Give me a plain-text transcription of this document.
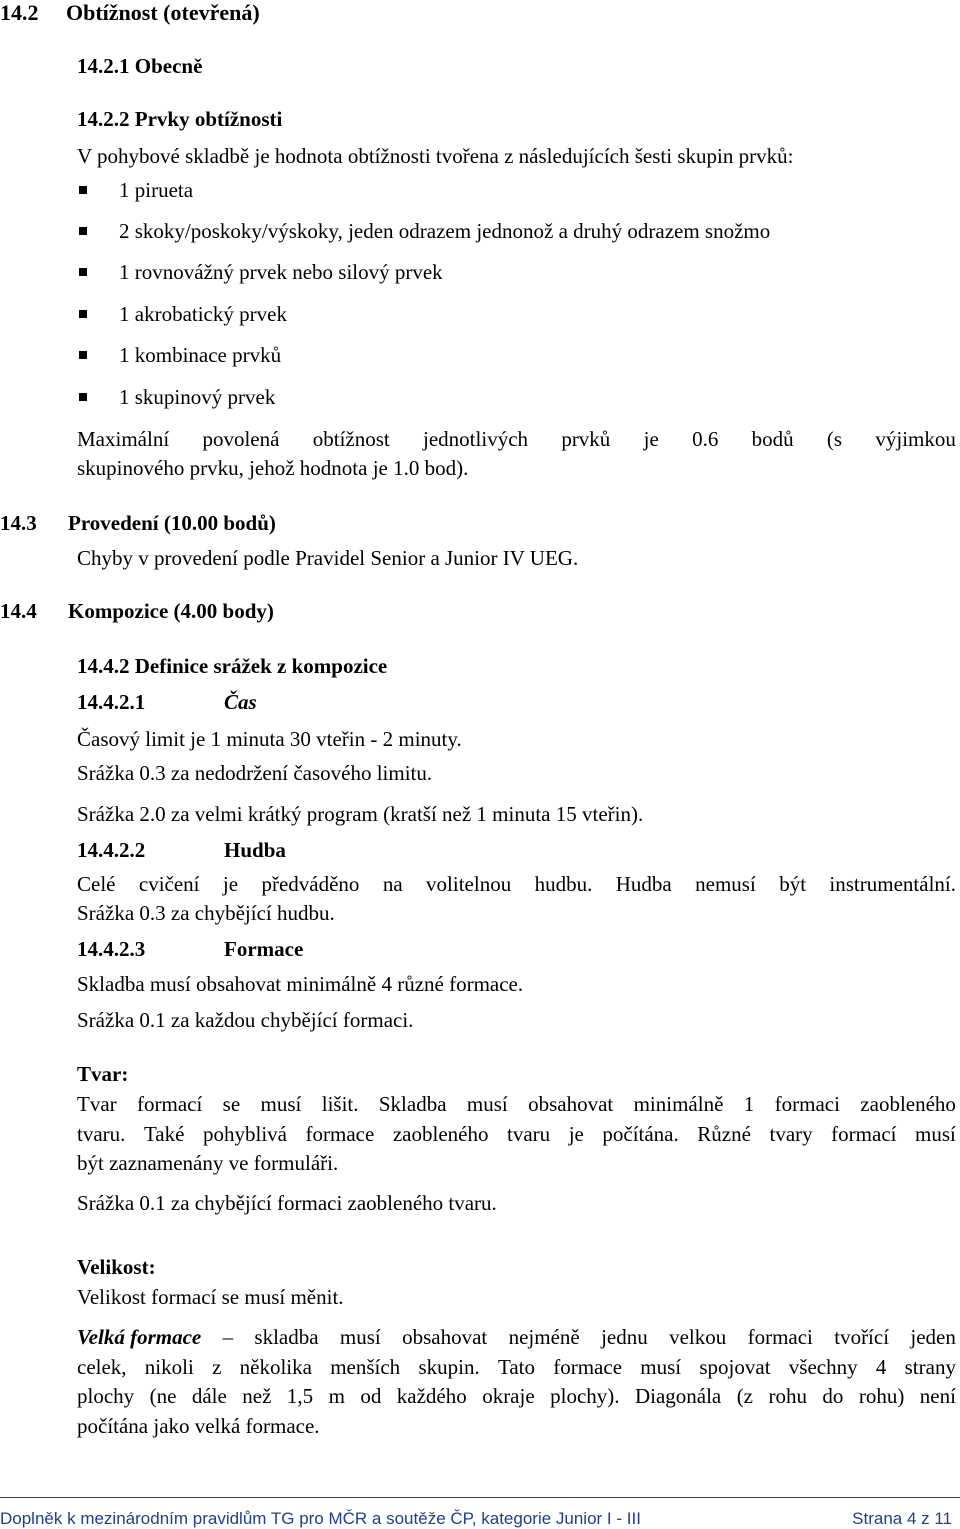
14.2 Obtížnost (otevřená)
14.2.1 Obecně
14.2.2 Prvky obtížnosti
V pohybové skladbě je hodnota obtížnosti tvořena z následujících šesti skupin prvků:
1 pirueta
2 skoky/poskoky/výskoky, jeden odrazem jednonož a druhý odrazem snožmo
1 rovnovážný prvek nebo silový prvek
1 akrobatický prvek
1 kombinace prvků
1 skupinový prvek
Maximální povolená obtížnost jednotlivých prvků je 0.6 bodů (s výjimkou
skupinového prvku, jehož hodnota je 1.0 bod).
14.3 Provedení (10.00 bodů)
Chyby v provedení podle Pravidel Senior a Junior IV UEG.
14.4 Kompozice (4.00 body)
14.4.2 Definice srážek z kompozice
14.4.2.1	Čas
Časový limit je 1 minuta 30 vteřin - 2 minuty.
Srážka 0.3 za nedodržení časového limitu.
Srážka 2.0 za velmi krátký program (kratší než 1 minuta 15 vteřin).
14.4.2.2	Hudba
Celé cvičení je předváděno na volitelnou hudbu. Hudba nemusí být instrumentální.
Srážka 0.3 za chybějící hudbu.
14.4.2.3	Formace
Skladba musí obsahovat minimálně 4 různé formace.
Srážka 0.1 za každou chybějící formaci.
Tvar:
Tvar formací se musí lišit. Skladba musí obsahovat minimálně 1 formaci zaobleného
tvaru. Také pohyblivá formace zaobleného tvaru je počítána. Různé tvary formací musí
být zaznamenány ve formuláři.
Srážka 0.1 za chybějící formaci zaobleného tvaru.
Velikost:
Velikost formací se musí měnit.
Velká formace – skladba musí obsahovat nejméně jednu velkou formaci tvořící jeden
celek, nikoli z několika menších skupin. Tato formace musí spojovat všechny 4 strany
plochy (ne dále než 1,5 m od každého okraje plochy). Diagonála (z rohu do rohu) není
počítána jako velká formace.
Doplněk k mezinárodním pravidlům TG pro MČR a soutěže ČP, kategorie Junior I - III	Strana 4 z 11
